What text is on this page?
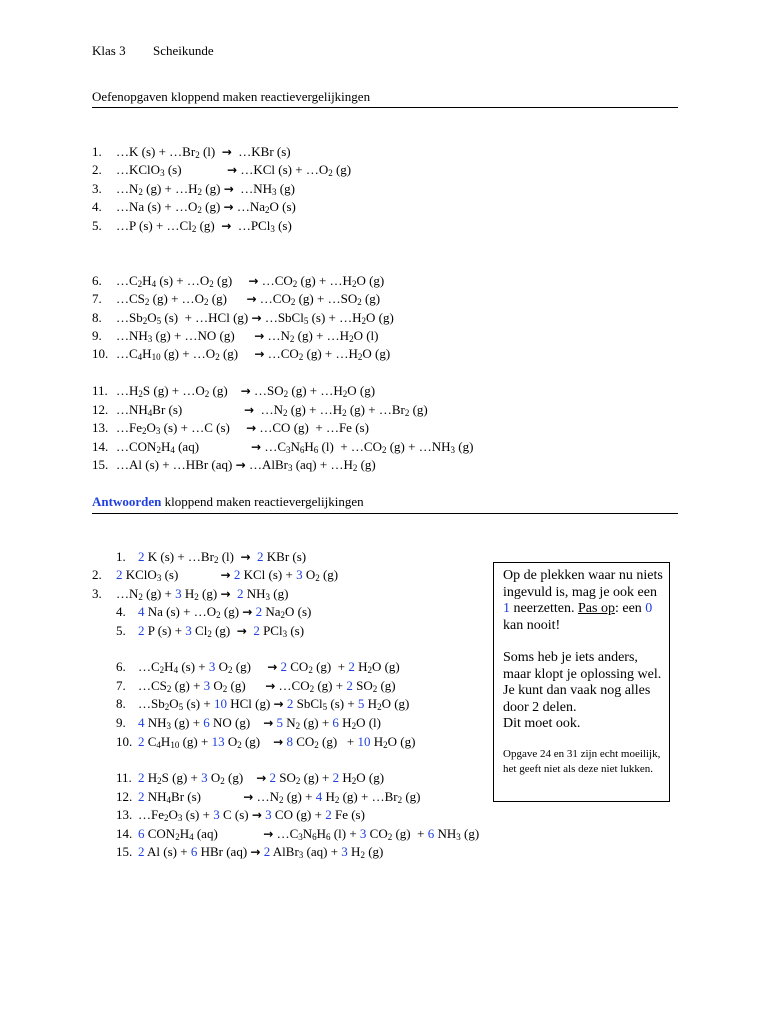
Klas 3 Scheikunde
Oefenopgaven kloppend maken reactievergelijkingen
1. …K $(s) + \dots Br_2$ (l)  →  …KBr (s)
2. …KClO$_3$ (s)              → …KCl $(s) + \dots O_2$ (g)
3. $\dots N_2$ $(g) + \dots H_2$ $(g) \to \dots NH_3$ (g)
4. …Na $(s) + \dots O_2$ $(g) \to \dots Na_2O$ (s)
5. …P $(s) + \dots Cl_2$ (g)  →  …PCl$_3$ (s)
6. $\dots C_2H_4$ $(s) + \dots O_2$ (g)     → $\dots CO_2$ $(g) + \dots H_2O$ (g)
7. $\dots CS_2$ $(g) + \dots O_2$ (g)      → $\dots CO_2$ $(g) + \dots SO_2$ (g)
8. $\dots Sb_2O_5$ (s)  + …HCl (g) → …SbCl$_5$ $(s) + \dots H_2O$ (g)
9. $\dots NH_3$ (g) + …NO (g)      → $\dots N_2$ $(g) + \dots H_2O$ (l)
10. $\dots C_4H_{10}$ $(g) + \dots O_2$ (g)     → $\dots CO_2$ $(g) + \dots H_2O$ (g)
11. $\dots H_2S$ $(g) + \dots O_2$ (g)    → $\dots SO_2$ $(g) + \dots H_2O$ (g)
12. $\dots NH_4Br$ (s)                   →  $\dots N_2$ $(g) + \dots H_2$ $(g) + \dots Br_2$ (g)
13. $\dots Fe_2O_3$ (s) + …C (s)     → …CO (g)  + …Fe (s)
14. $\dots CON_2H_4$ (aq)                → $\dots C_3N_6H_6$ $(l) + \dots CO_2$ $(g) + \dots NH_3$ (g)
15. …Al (s) + …HBr (aq) → …AlBr$_3$ $(aq) + \dots H_2$ (g)
Antwoorden kloppend maken reactievergelijkingen
1. 2 K $(s) + \dots Br_2$ (l)  → 2 KBr (s)
2. 2 KClO$_3$ (s)             → 2 KCl (s) + 3 $O_2$ (g)
3. $\dots N_2$ (g) + 3 $H_2$ (g) → 2 $NH_3$ (g)
4. 4 Na $(s) + \dots O_2$ (g) → 2 $Na_2O$ (s)
5. 2 P (s) + 3 $Cl_2$ (g)  → 2 PCl$_3$ (s)
6. $\dots C_2H_4$ (s) + 3 $O_2$ (g)     → 2 $CO_2$ (g)  + 2 $H_2O$ (g)
7. $\dots CS_2$ (g) + 3 $O_2$ (g)      → $\dots CO_2$ (g) + 2 $SO_2$ (g)
8. $\dots Sb_2O_5$ (s) + 10 HCl (g) → 2 SbCl$_5$ (s) + 5 $H_2O$ (g)
9. 4 $NH_3$ (g) + 6 NO (g)    → 5 $N_2$ (g) + 6 $H_2O$ (l)
10. 2 $C_4H_{10}$ (g) + 13 $O_2$ (g)    → 8 $CO_2$ (g)   + 10 $H_2O$ (g)
11. 2 $H_2S$ (g) + 3 $O_2$ (g)    → 2 $SO_2$ (g) + 2 $H_2O$ (g)
12. 2 $NH_4Br$ (s)             → $\dots N_2$ (g) + 4 $H_2$ $(g) + \dots Br_2$ (g)
13. $\dots Fe_2O_3$ (s) + 3 C (s) → 3 CO (g) + 2 Fe (s)
14. 6 $CON_2H_4$ (aq)              → $\dots C_3N_6H_6$ (l) + 3 $CO_2$ (g)  + 6 $NH_3$ (g)
15. 2 Al (s) + 6 HBr (aq) → 2 AlBr$_3$ (aq) + 3 $H_2$ (g)

Op de plekken waar nu niets ingevuld is, mag je ook een 1 neerzetten. Pas op: een 0 kan nooit!

Soms heb je iets anders, maar klopt je oplossing wel. Je kunt dan vaak nog alles door 2 delen.

Dit moet ook.

Opgave 24 en 31 zijn echt moeilijk, het geeft niet als deze niet lukken.
